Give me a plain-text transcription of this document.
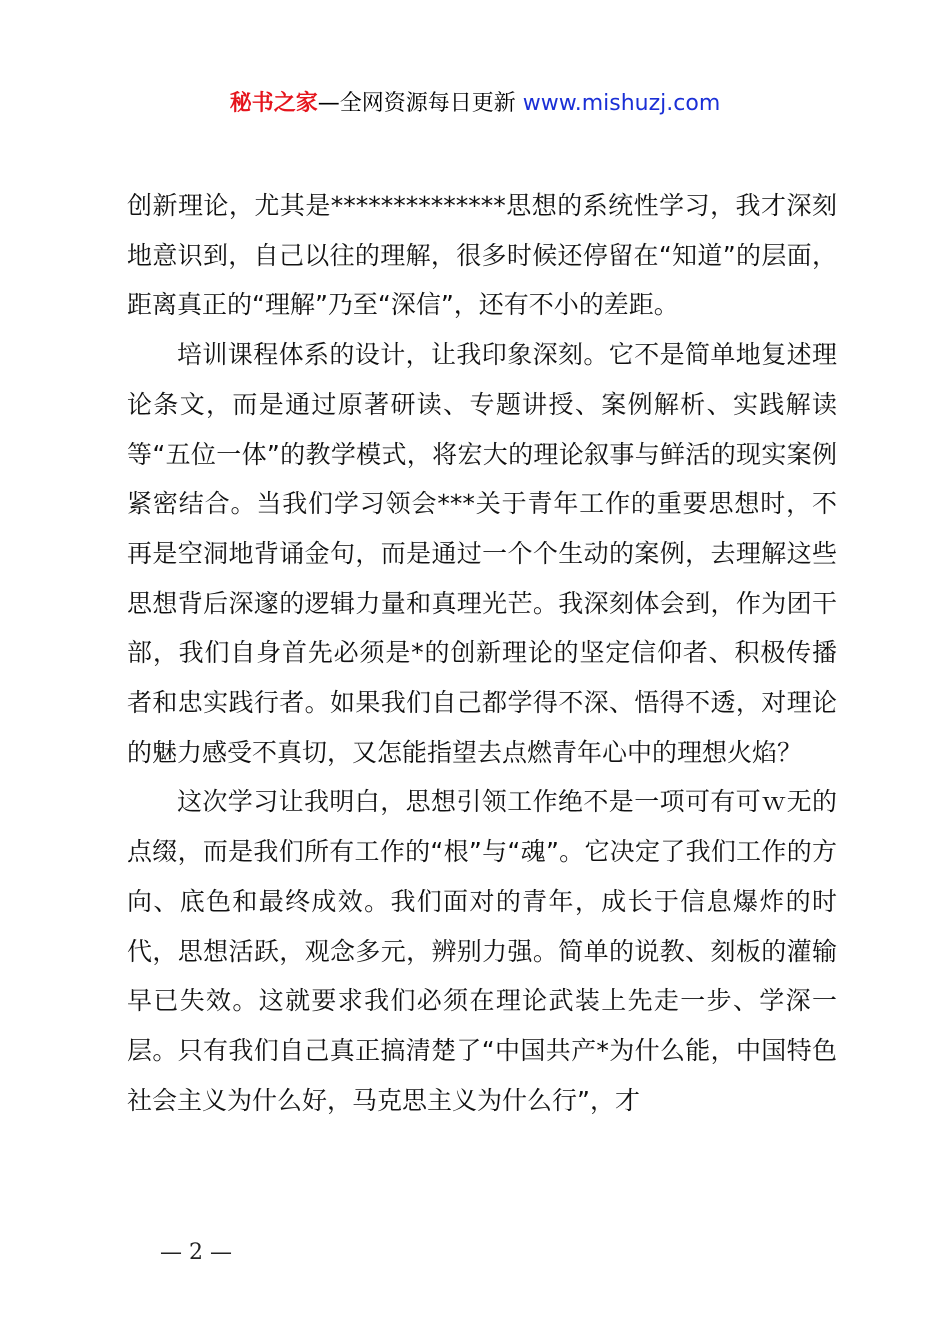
秘书之家—全网资源每日更新 www.mishuzj.com

创新理论，尤其是**************思想的系统性学习，我才深刻地意识到，自己以往的理解，很多时候还停留在“知道”的层面，距离真正的“理解”乃至“深信”，还有不小的差距。

培训课程体系的设计，让我印象深刻。它不是简单地复述理论条文，而是通过原著研读、专题讲授、案例解析、实践解读等“五位一体”的教学模式，将宏大的理论叙事与鲜活的现实案例紧密结合。当我们学习领会***关于青年工作的重要思想时，不再是空洞地背诵金句，而是通过一个个生动的案例，去理解这些思想背后深邃的逻辑力量和真理光芒。我深刻体会到，作为团干部，我们自身首先必须是*的创新理论的坚定信仰者、积极传播者和忠实践行者。如果我们自己都学得不深、悟得不透，对理论的魅力感受不真切，又怎能指望去点燃青年心中的理想火焰？

这次学习让我明白，思想引领工作绝不是一项可有可ｗ无的点缀，而是我们所有工作的“根”与“魂”。它决定了我们工作的方向、底色和最终成效。我们面对的青年，成长于信息爆炸的时代，思想活跃，观念多元，辨别力强。简单的说教、刻板的灌输早已失效。这就要求我们必须在理论武装上先走一步、学深一层。只有我们自己真正搞清楚了“中国共产*为什么能，中国特色社会主义为什么好，马克思主义为什么行”，才

— 2 —
